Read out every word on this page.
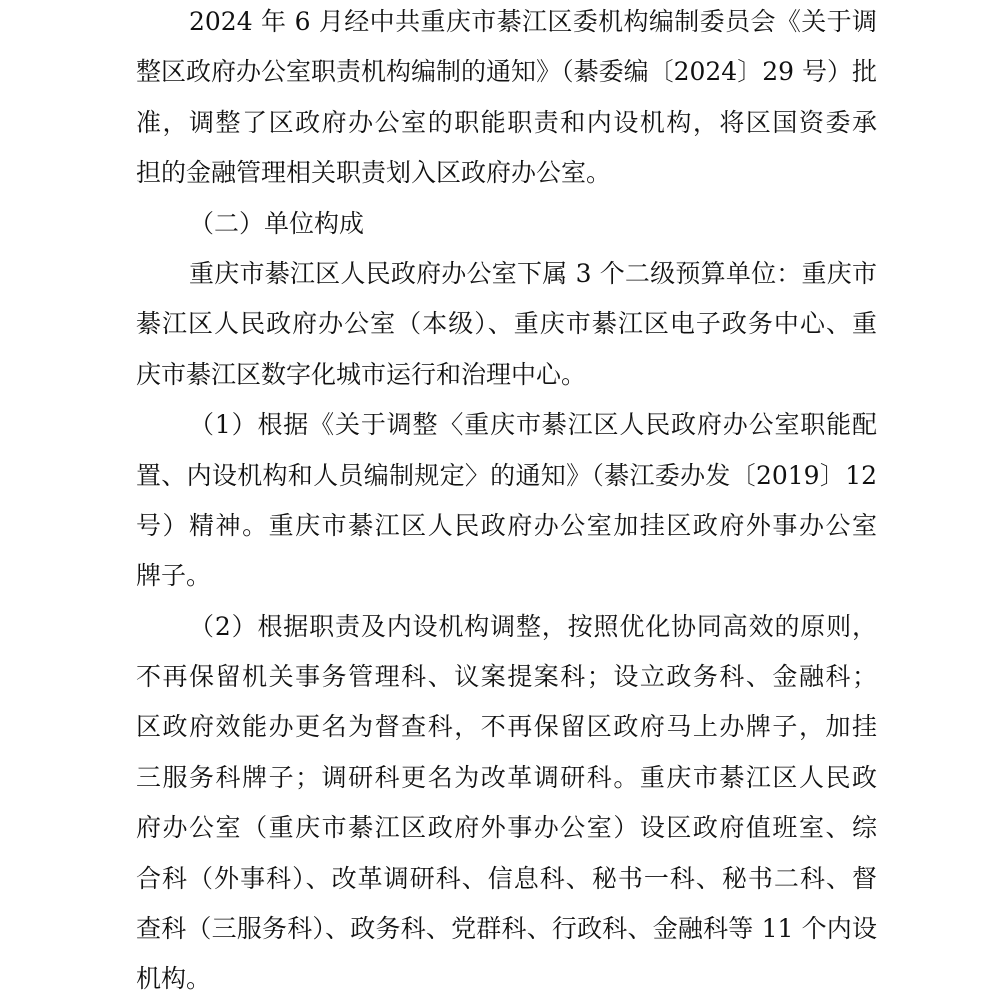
2024 年 6 月经中共重庆市綦江区委机构编制委员会《关于调
整区政府办公室职责机构编制的通知》（綦委编〔2024〕29 号）批
准，调整了区政府办公室的职能职责和内设机构，将区国资委承
担的金融管理相关职责划入区政府办公室。
（二）单位构成
重庆市綦江区人民政府办公室下属 3 个二级预算单位：重庆市
綦江区人民政府办公室（本级）、重庆市綦江区电子政务中心、重
庆市綦江区数字化城市运行和治理中心。
（1）根据《关于调整〈重庆市綦江区人民政府办公室职能配
置、内设机构和人员编制规定〉的通知》（綦江委办发〔2019〕12
号）精神。重庆市綦江区人民政府办公室加挂区政府外事办公室
牌子。
（2）根据职责及内设机构调整，按照优化协同高效的原则，
不再保留机关事务管理科、议案提案科；设立政务科、金融科；
区政府效能办更名为督查科，不再保留区政府马上办牌子，加挂
三服务科牌子；调研科更名为改革调研科。重庆市綦江区人民政
府办公室（重庆市綦江区政府外事办公室）设区政府值班室、综
合科（外事科）、改革调研科、信息科、秘书一科、秘书二科、督
查科（三服务科）、政务科、党群科、行政科、金融科等 11 个内设
机构。
